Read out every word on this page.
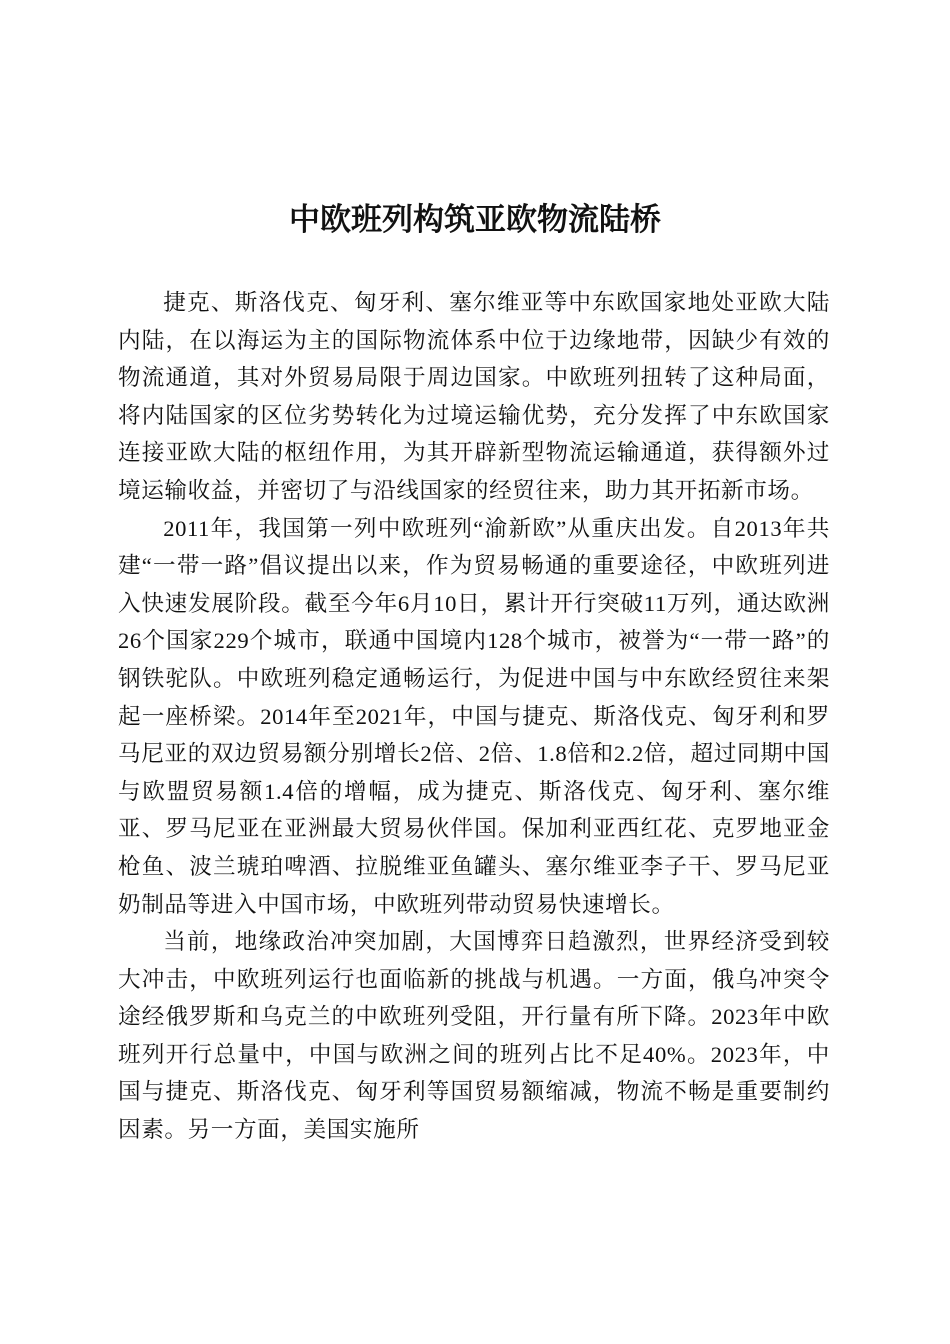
中欧班列构筑亚欧物流陆桥

捷克、斯洛伐克、匈牙利、塞尔维亚等中东欧国家地处亚欧大陆内陆，在以海运为主的国际物流体系中位于边缘地带，因缺少有效的物流通道，其对外贸易局限于周边国家。中欧班列扭转了这种局面，将内陆国家的区位劣势转化为过境运输优势，充分发挥了中东欧国家连接亚欧大陆的枢纽作用，为其开辟新型物流运输通道，获得额外过境运输收益，并密切了与沿线国家的经贸往来，助力其开拓新市场。

2011年，我国第一列中欧班列“渝新欧”从重庆出发。自2013年共建“一带一路”倡议提出以来，作为贸易畅通的重要途径，中欧班列进入快速发展阶段。截至今年6月10日，累计开行突破11万列，通达欧洲26个国家229个城市，联通中国境内128个城市，被誉为“一带一路”的钢铁驼队。中欧班列稳定通畅运行，为促进中国与中东欧经贸往来架起一座桥梁。2014年至2021年，中国与捷克、斯洛伐克、匈牙利和罗马尼亚的双边贸易额分别增长2倍、2倍、1.8倍和2.2倍，超过同期中国与欧盟贸易额1.4倍的增幅，成为捷克、斯洛伐克、匈牙利、塞尔维亚、罗马尼亚在亚洲最大贸易伙伴国。保加利亚西红花、克罗地亚金枪鱼、波兰琥珀啤酒、拉脱维亚鱼罐头、塞尔维亚李子干、罗马尼亚奶制品等进入中国市场，中欧班列带动贸易快速增长。

当前，地缘政治冲突加剧，大国博弈日趋激烈，世界经济受到较大冲击，中欧班列运行也面临新的挑战与机遇。一方面，俄乌冲突令途经俄罗斯和乌克兰的中欧班列受阻，开行量有所下降。2023年中欧班列开行总量中，中国与欧洲之间的班列占比不足40%。2023年，中国与捷克、斯洛伐克、匈牙利等国贸易额缩减，物流不畅是重要制约因素。另一方面，美国实施所
